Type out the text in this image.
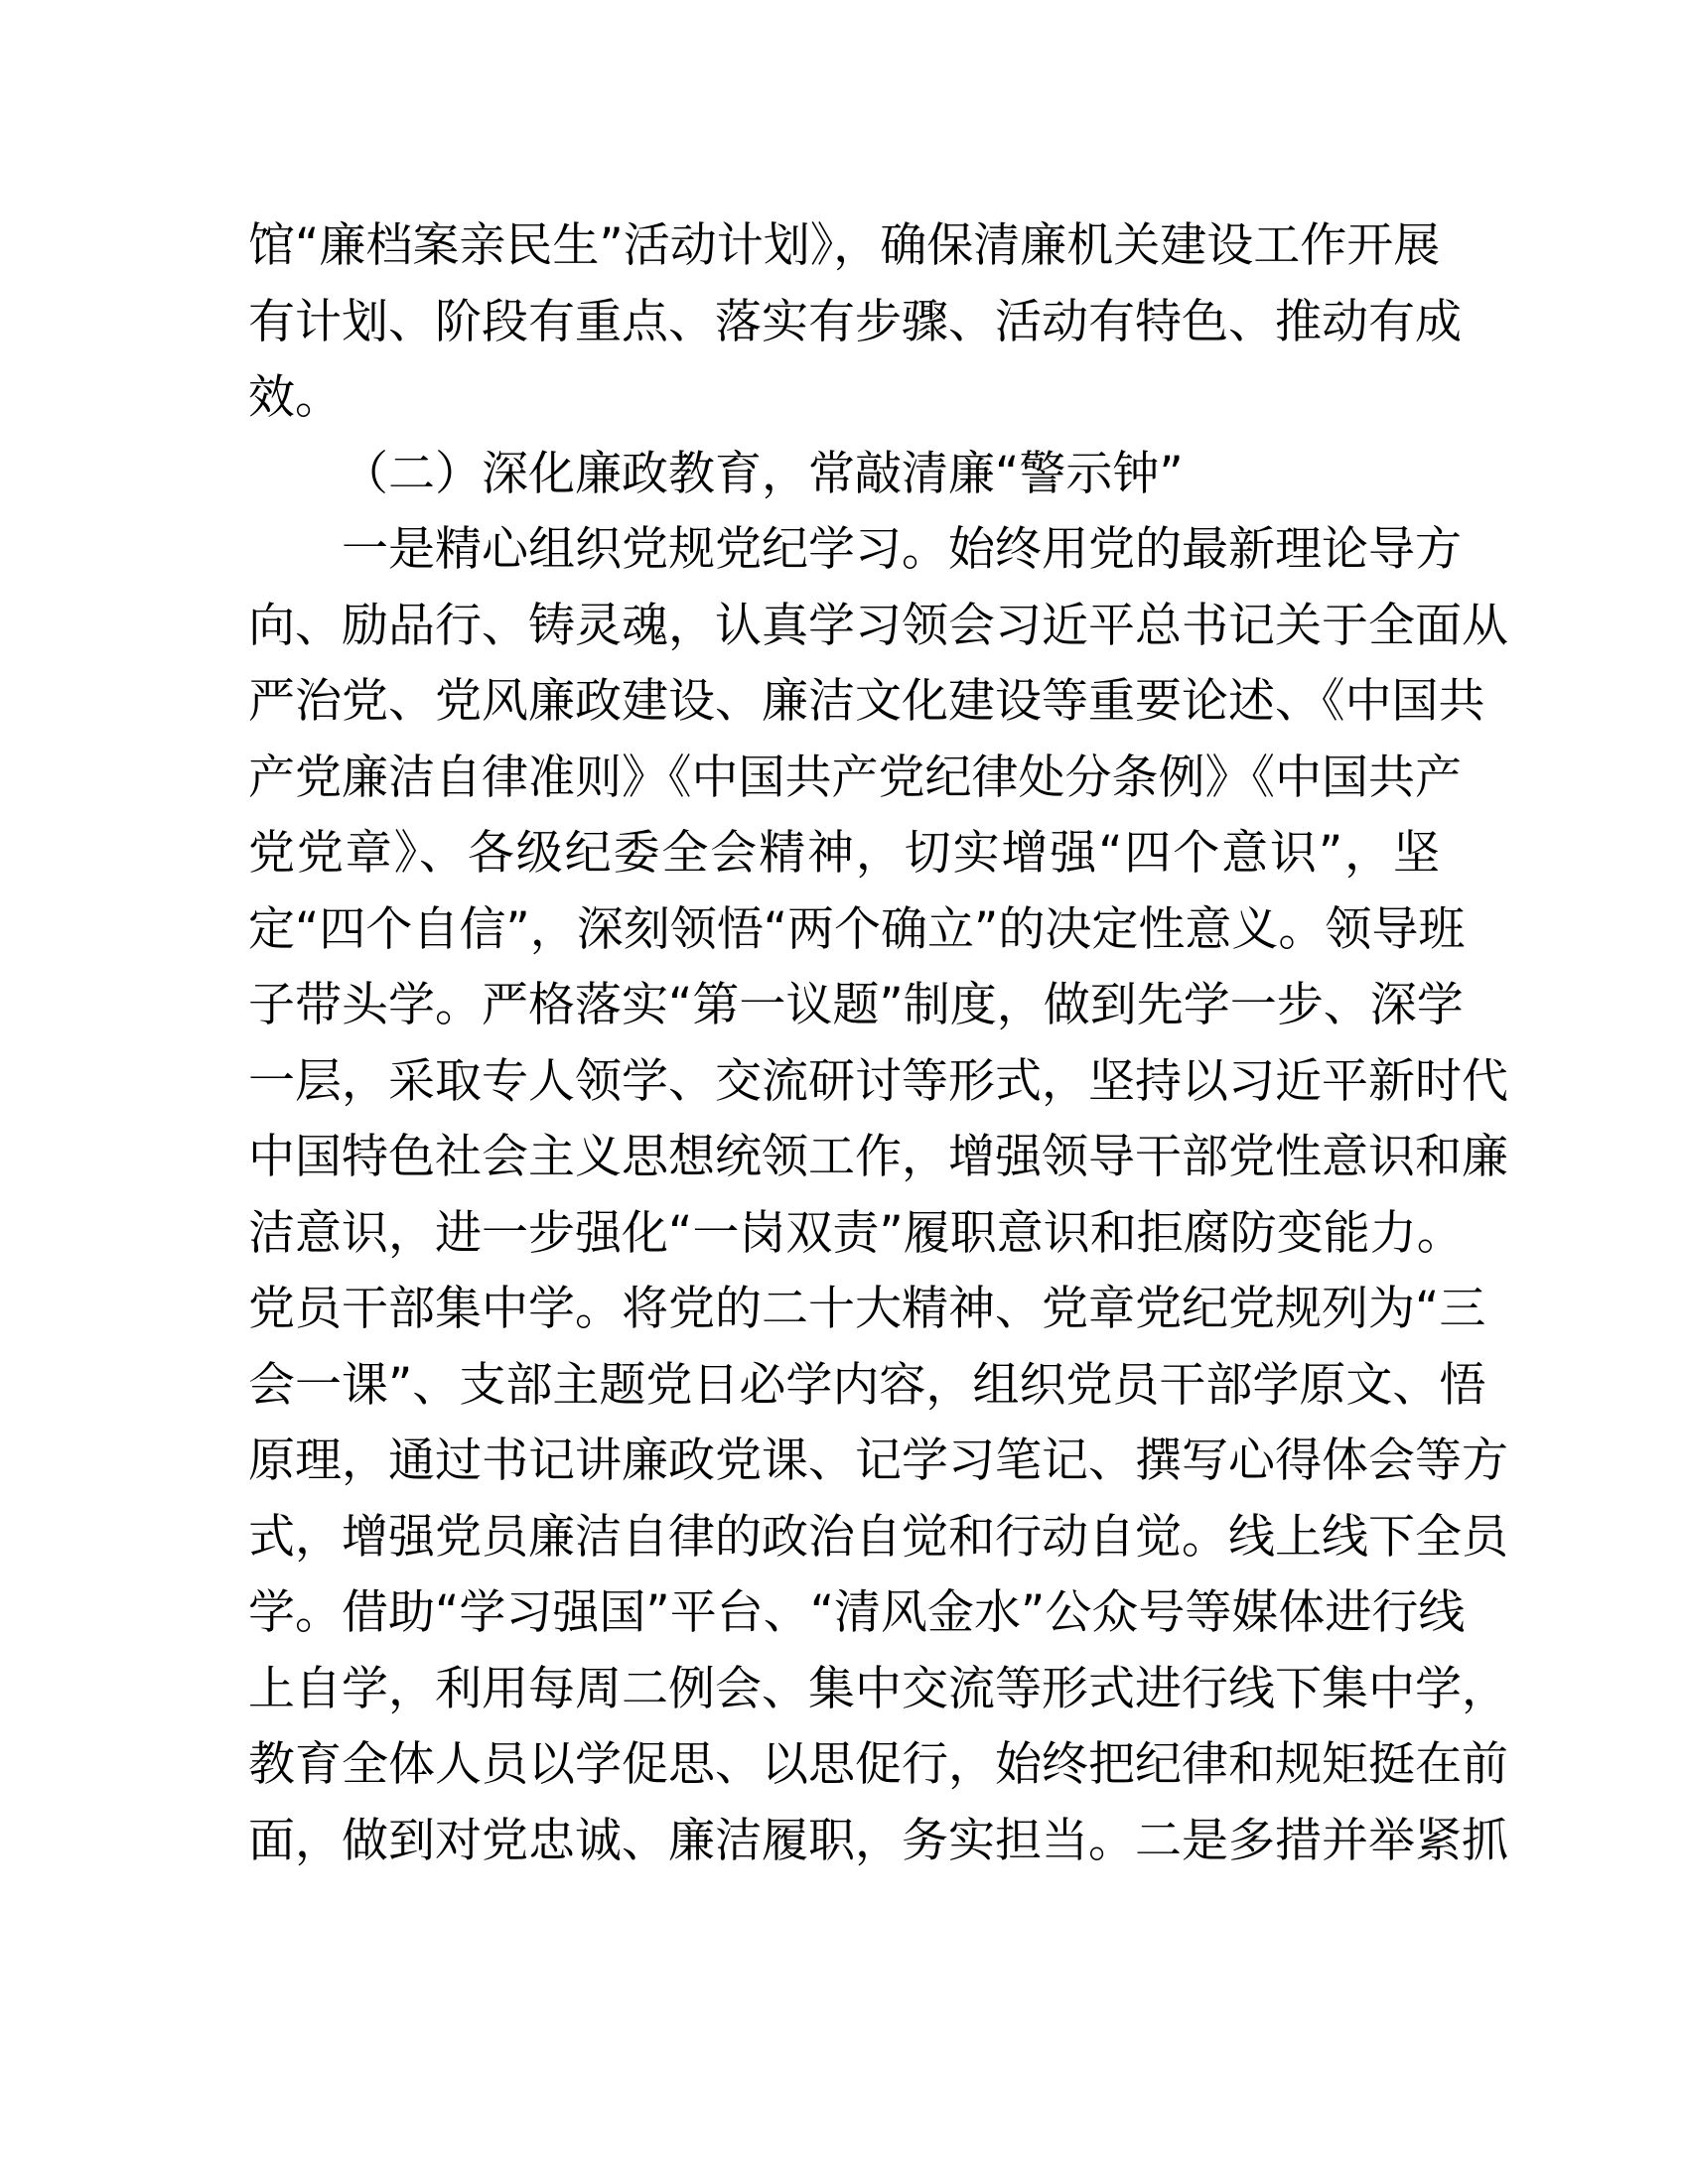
馆“廉档案亲民生”活动计划》，确保清廉机关建设工作开展
有计划、阶段有重点、落实有步骤、活动有特色、推动有成
效。
（二）深化廉政教育，常敲清廉“警示钟”
一是精心组织党规党纪学习。始终用党的最新理论导方
向、励品行、铸灵魂，认真学习领会习近平总书记关于全面从
严治党、党风廉政建设、廉洁文化建设等重要论述、《中国共
产党廉洁自律准则》《中国共产党纪律处分条例》《中国共产
党党章》、各级纪委全会精神，切实增强“四个意识”，坚
定“四个自信”，深刻领悟“两个确立”的决定性意义。领导班
子带头学。严格落实“第一议题”制度，做到先学一步、深学
一层，采取专人领学、交流研讨等形式，坚持以习近平新时代
中国特色社会主义思想统领工作，增强领导干部党性意识和廉
洁意识，进一步强化“一岗双责”履职意识和拒腐防变能力。
党员干部集中学。将党的二十大精神、党章党纪党规列为“三
会一课”、支部主题党日必学内容，组织党员干部学原文、悟
原理，通过书记讲廉政党课、记学习笔记、撰写心得体会等方
式，增强党员廉洁自律的政治自觉和行动自觉。线上线下全员
学。借助“学习强国”平台、“清风金水”公众号等媒体进行线
上自学，利用每周二例会、集中交流等形式进行线下集中学，
教育全体人员以学促思、以思促行，始终把纪律和规矩挺在前
面，做到对党忠诚、廉洁履职，务实担当。二是多措并举紧抓
